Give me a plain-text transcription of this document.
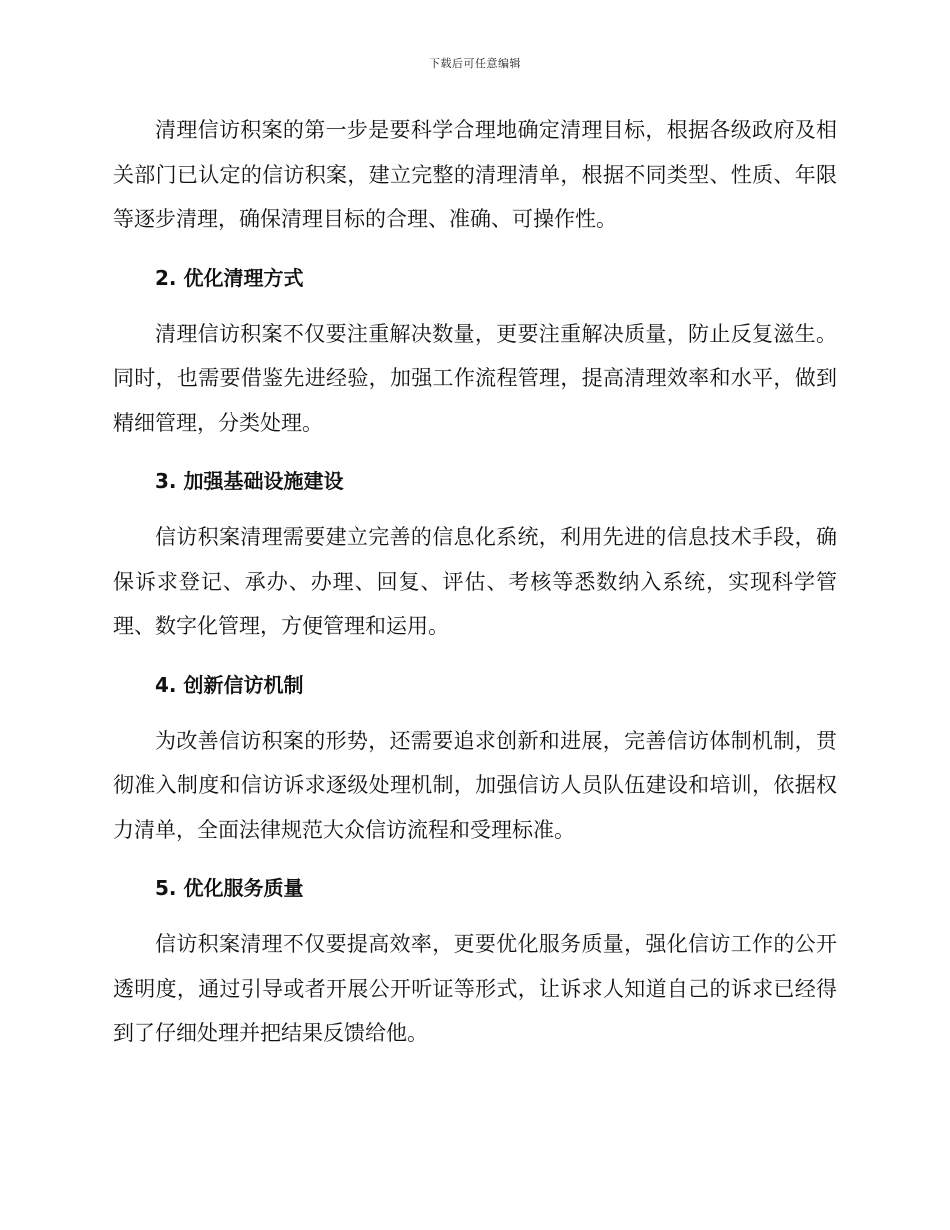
下载后可任意编辑

清理信访积案的第一步是要科学合理地确定清理目标，根据各级政府及相关部门已认定的信访积案，建立完整的清理清单，根据不同类型、性质、年限等逐步清理，确保清理目标的合理、准确、可操作性。

2. 优化清理方式

清理信访积案不仅要注重解决数量，更要注重解决质量，防止反复滋生。同时，也需要借鉴先进经验，加强工作流程管理，提高清理效率和水平，做到精细管理，分类处理。

3. 加强基础设施建设

信访积案清理需要建立完善的信息化系统，利用先进的信息技术手段，确保诉求登记、承办、办理、回复、评估、考核等悉数纳入系统，实现科学管理、数字化管理，方便管理和运用。

4. 创新信访机制

为改善信访积案的形势，还需要追求创新和进展，完善信访体制机制，贯彻准入制度和信访诉求逐级处理机制，加强信访人员队伍建设和培训，依据权力清单，全面法律规范大众信访流程和受理标准。

5. 优化服务质量

信访积案清理不仅要提高效率，更要优化服务质量，强化信访工作的公开透明度，通过引导或者开展公开听证等形式，让诉求人知道自己的诉求已经得到了仔细处理并把结果反馈给他。
